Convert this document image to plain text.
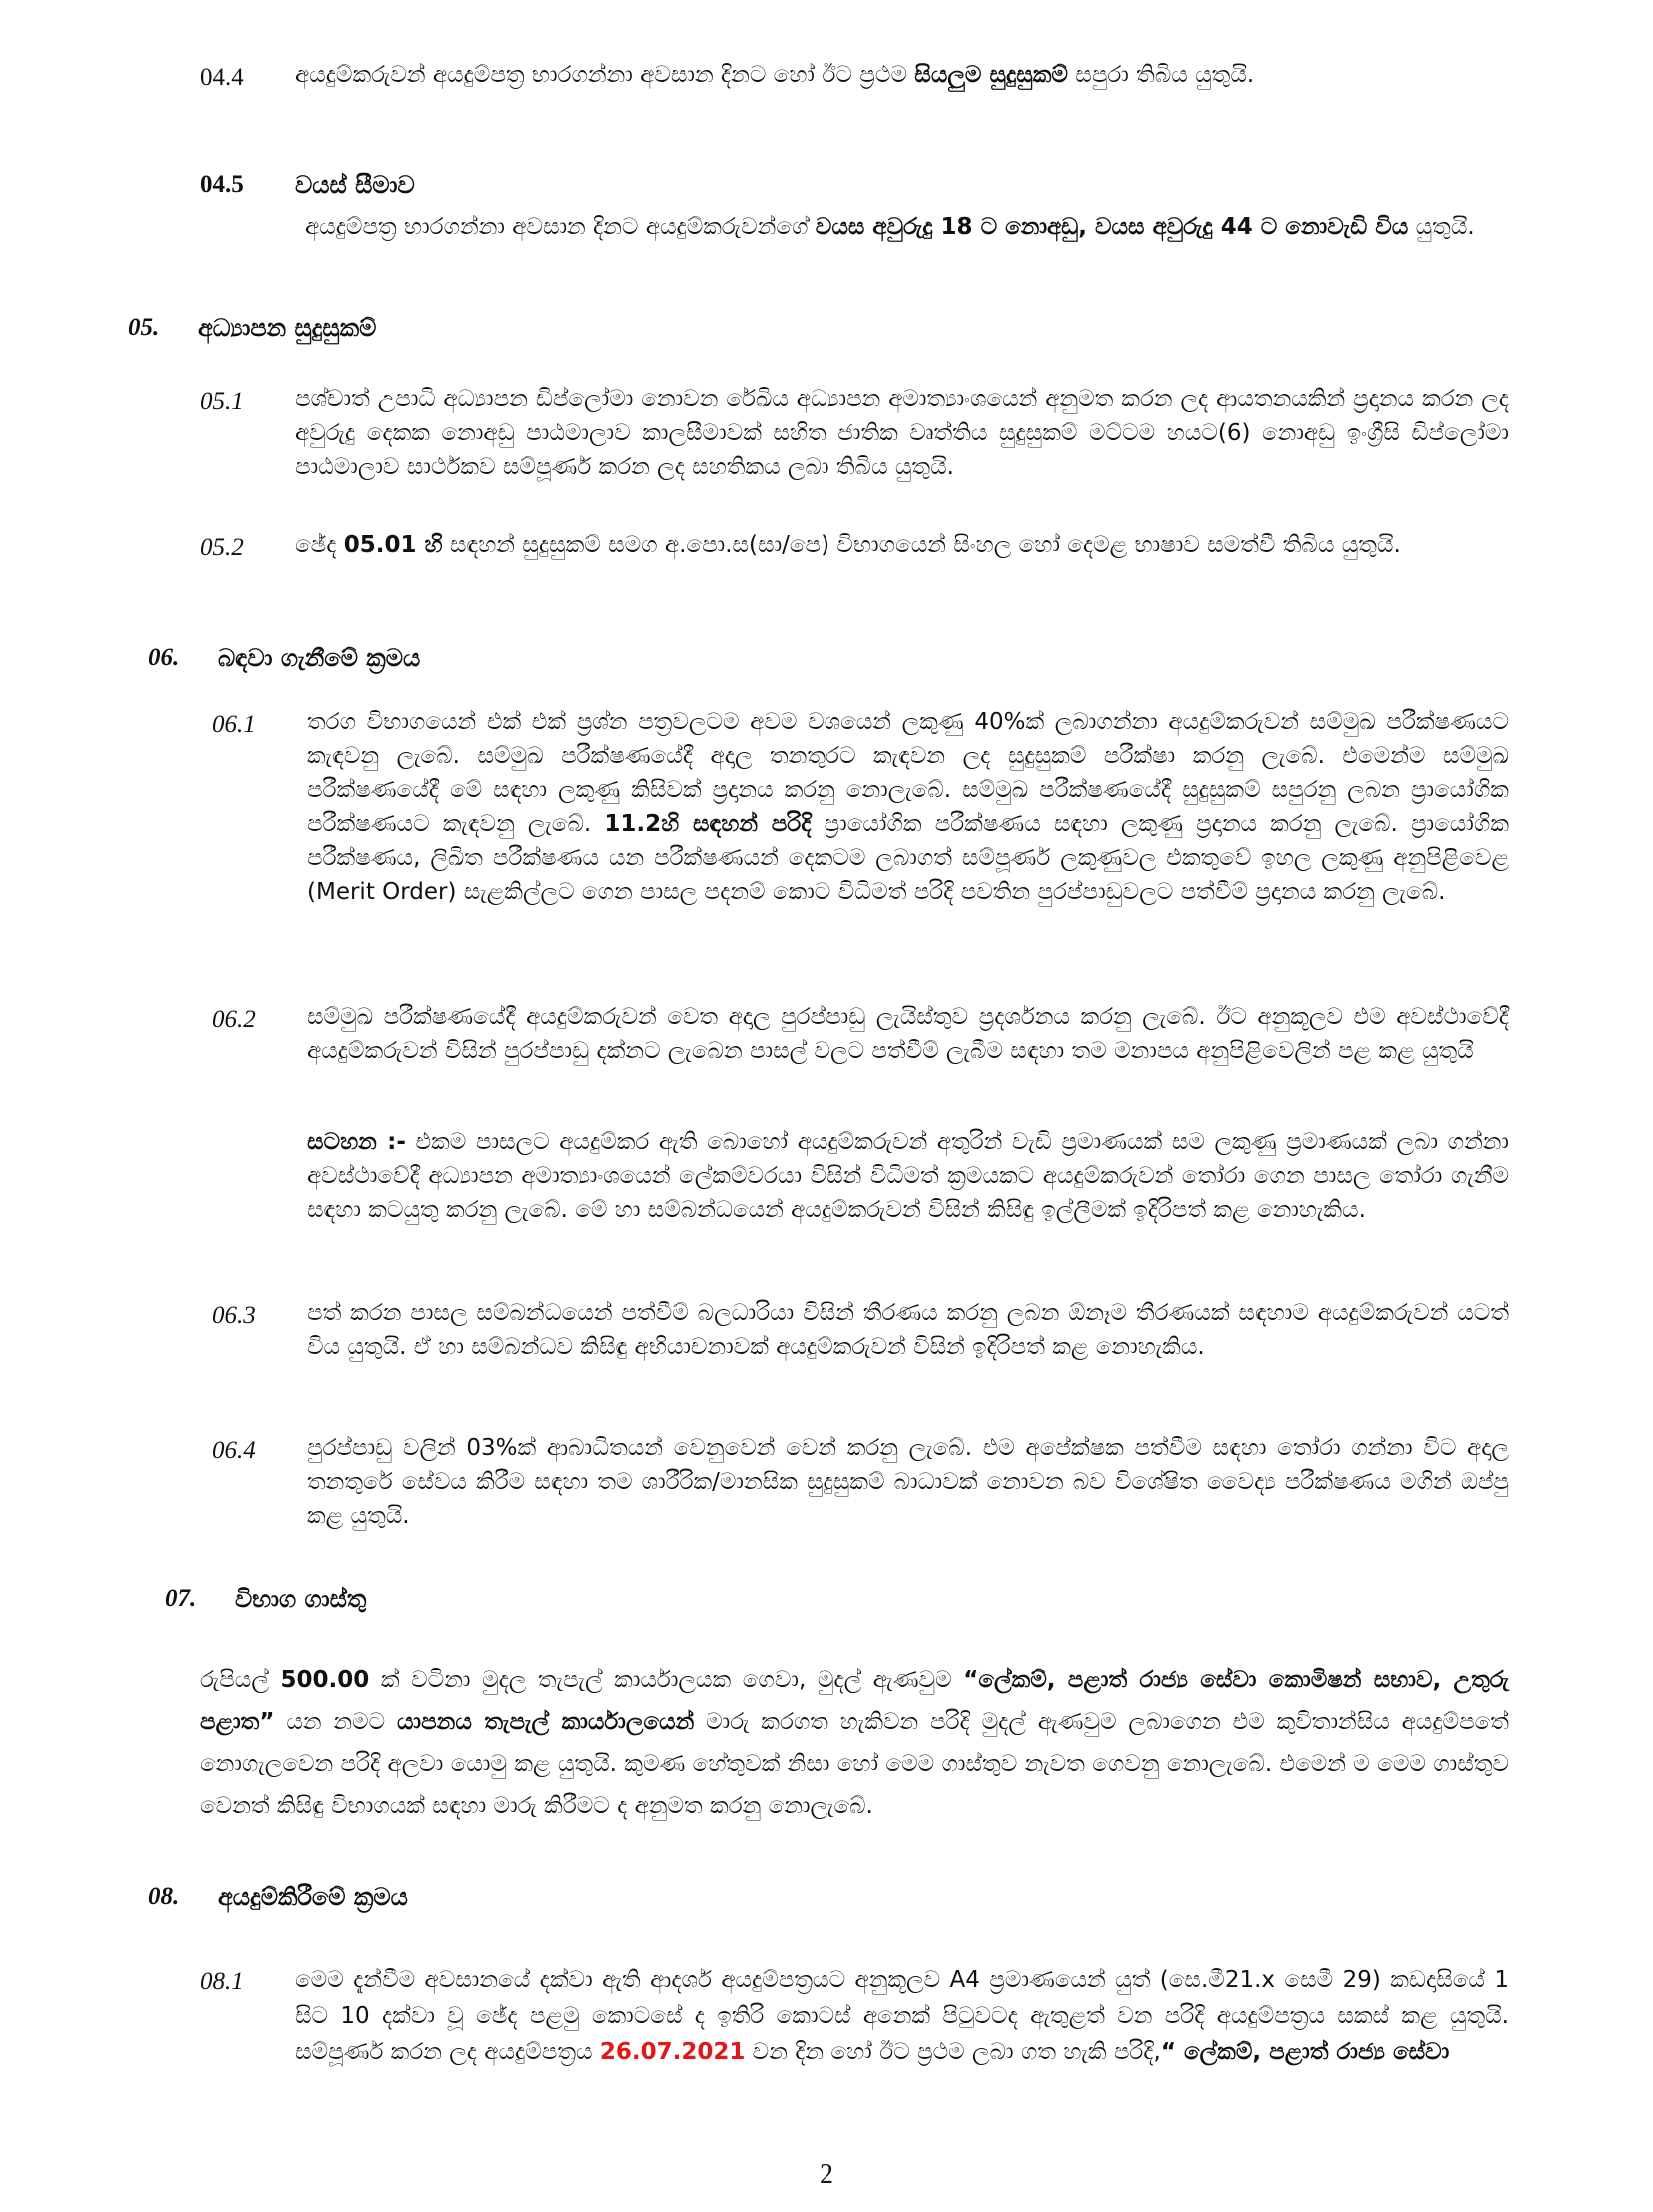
04.4	අයදුම්කරුවන් අයදුම්පත්‍ර භාරගන්නා අවසාන දිනට හෝ ඊට ප්‍රථම සියලුම සුදුසුකම් සපුරා තිබිය යුතුයි.

04.5	වයස් සීමාව

අයදුම්පත්‍ර භාරගන්නා අවසාන දිනට අයදුම්කරුවන්ගේ වයස අවුරුදු 18 ට නොඅඩු, වයස අවුරුදු 44 ට නොවැඩි විය යුතුයි.

05.	අධ්‍යාපන සුදුසුකම්
05.1	පශ්චාත් උපාධි අධ්‍යාපන ඩිප්ලෝමා නොවන රේඛිය අධ්‍යාපන අමාත්‍යාංශයෙන් අනුමත කරන ලද ආයතනයකින් ප්‍රදානය කරන ලද අවුරුදු දෙකක නොඅඩු පාඨමාලාව කාලසීමාවක් සහිත ජාතික වෘත්තිය සුදුසුකම් මට්ටම හයට(6) නොඅඩු ඉංග්‍රීසි ඩිප්ලෝමා පාඨමාලාව සාර්ථකව සම්පූර්ණ කරන ලද සහතිකය ලබා තිබිය යුතුයි.

05.2	ඡේද 05.01 හි සඳහන් සුදුසුකම් සමග අ.පො.ස(සා/පෙ) විභාගයෙන් සිංහල හෝ දෙමළ භාෂාව සමත්වී තිබිය යුතුයි.

06.	බඳවා ගැනීමේ ක්‍රමය
06.1	තරග විභාගයෙන් එක් එක් ප්‍රශ්න පත්‍රවලටම අවම වශයෙන් ලකුණු 40%ක් ලබාගන්නා අයදුම්කරුවන් සම්මුඛ පරීක්ෂණයට කැඳවනු ලැබේ. සම්මුඛ පරීක්ෂණයේදී අදාල තනතුරට කැඳවන ලද සුදුසුකම් පරීක්ෂා කරනු ලැබේ. එමෙන්ම සම්මුඛ පරීක්ෂණයේදී මේ සඳහා ලකුණු කිසිවක් ප්‍රදානය කරනු නොලැබේ. සම්මුඛ පරීක්ෂණයේදී සුදුසුකම් සපුරනු ලබන ප්‍රායෝගික පරීක්ෂණයට කැඳවනු ලැබේ. 11.2හි සඳහන් පරිදි ප්‍රායෝගික පරීක්ෂණය සඳහා ලකුණු ප්‍රදානය කරනු ලැබේ. ප්‍රායෝගික පරීක්ෂණය, ලිඛිත පරීක්ෂණය යන පරීක්ෂණයන් දෙකටම ලබාගත් සම්පූර්ණ ලකුණුවල එකතුවේ ඉහල ලකුණු අනුපිළිවෙළ (Merit Order) සැළකිල්ලට ගෙන පාසල පදනම් කොට විධිමත් පරිදි පවතින පුරප්පාඩුවලට පත්වීම් ප්‍රදානය කරනු ලැබේ.

06.2	සම්මුඛ පරීක්ෂණයේදී අයදුම්කරුවන් වෙත අදාල පුරප්පාඩු ලැයිස්තුව ප්‍රදර්ශනය කරනු ලැබේ. ඊට අනුකූලව එම අවස්ථාවේදී අයදුම්කරුවන් විසින් පුරප්පාඩු දක්නට ලැබෙන පාසල් වලට පත්වීම් ලැබීම සඳහා තම මනාපය අනුපිළිවෙලින් පළ කළ යුතුයි

සටහන :- එකම පාසලට අයදුම්කර ඇති බොහෝ අයදුම්කරුවන් අතුරින් වැඩි ප්‍රමාණයක් සම ලකුණු ප්‍රමාණයක් ලබා ගන්නා අවස්ථාවේදී අධ්‍යාපන අමාත්‍යාංශයෙන් ලේකම්වරයා විසින් විධිමත් ක්‍රමයකට අයදුම්කරුවන් තෝරා ගෙන පාසල තෝරා ගැනීම සඳහා කටයුතු කරනු ලැබේ. මේ හා සම්බන්ධයෙන් අයදුම්කරුවන් විසින් කිසිඳු ඉල්ලීමක් ඉදිරිපත් කළ නොහැකිය.

06.3	පත් කරන පාසල සම්බන්ධයෙන් පත්වීම් බලධාරියා විසින් තීරණය කරනු ලබන ඕනෑම තීරණයක් සඳහාම අයදුම්කරුවන් යටත් විය යුතුයි. ඒ හා සම්බන්ධව කිසිඳු අභියාචනාවක් අයදුම්කරුවන් විසින් ඉදිරිපත් කළ නොහැකිය.

06.4	පුරප්පාඩු වලින් 03%ක් ආබාධිතයන් වෙනුවෙන් වෙන් කරනු ලැබේ. එම අපේක්ෂක පත්වීම සඳහා තෝරා ගන්නා විට අදාල තනතුරේ සේවය කිරීම සඳහා තම ශාරීරික/මානසික සුදුසුකම් බාධාවක් නොවන බව විශේෂිත වෛද්‍ය පරීක්ෂණය මගින් ඔප්පු කළ යුතුයි.

07.	විභාග ගාස්තු

රුපියල් 500.00 ක් වටිනා මුදල තැපැල් කාර්යාලයක ගෙවා, මුදල් ඇණවුම “ලේකම්, පළාත් රාජ්‍ය සේවා කොමිෂන් සභාව, උතුරු පළාත” යන නමට යාපනය තැපැල් කාර්යාලයෙන් මාරු කරගත හැකිවන පරිදි මුදල් ඇණවුම ලබාගෙන එම කුවිතාන්සිය අයදුම්පතේ නොගැලවෙන පරිදි අලවා යොමු කළ යුතුයි. කුමණ හේතුවක් නිසා හෝ මෙම ගාස්තුව නැවත ගෙවනු නොලැබේ. එමෙන් ම මෙම ගාස්තුව වෙනත් කිසිඳු විභාගයක් සඳහා මාරු කිරීමට ද අනුමත කරනු නොලැබේ.

08.	අයදුම්කිරීමේ ක්‍රමය
08.1	මෙම දැන්වීම අවසානයේ දක්වා ඇති ආදර්ශ අයදුම්පත්‍රයට අනුකූලව A4 ප්‍රමාණයෙන් යුත් (සෙ.මී21.x සෙමී 29) කඩදාසියේ 1 සිට 10 දක්වා වූ ඡේද පළමු කොටසේ ද ඉතිරි කොටස් අනෙක් පිටුවටද ඇතුළත් වන පරිදි අයදුම්පත්‍රය සකස් කළ යුතුයි. සම්පූර්ණ කරන ලද අයදුම්පත්‍රය 26.07.2021 වන දින හෝ ඊට ප්‍රථම ලබා ගත හැකි පරිදි,“ ලේකම්, පළාත් රාජ්‍ය සේවා

2
